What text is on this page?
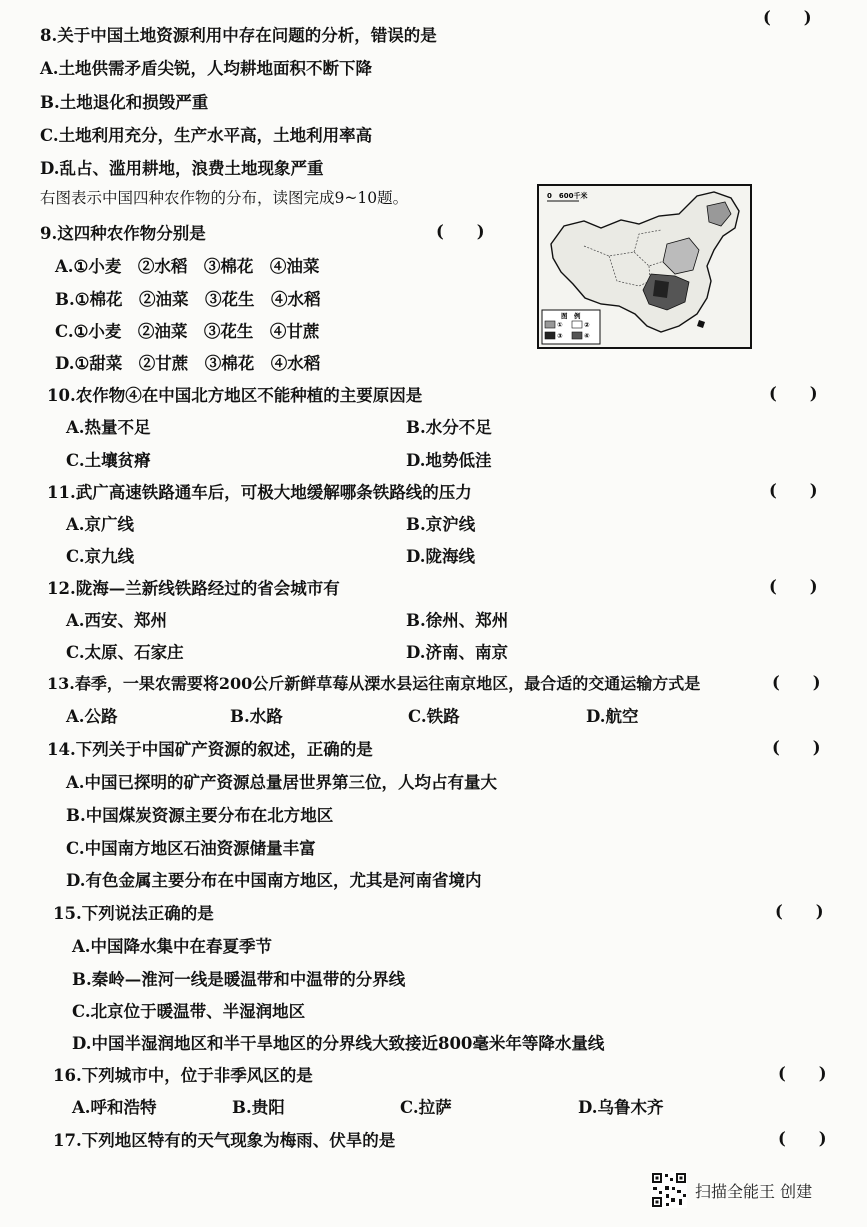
(　　)
8.关于中国土地资源利用中存在问题的分析，错误的是
A.土地供需矛盾尖锐，人均耕地面积不断下降
B.土地退化和损毁严重
C.土地利用充分，生产水平高，土地利用率高
D.乱占、滥用耕地，浪费土地现象严重
右图表示中国四种农作物的分布，读图完成9~10题。	0　600千米
图　例
①	②
③	④
9.这四种农作物分别是	(　　)
A.①小麦　②水稻　③棉花　④油菜
B.①棉花　②油菜　③花生　④水稻
C.①小麦　②油菜　③花生　④甘蔗
D.①甜菜　②甘蔗　③棉花　④水稻
10.农作物④在中国北方地区不能种植的主要原因是	(　　)
A.热量不足	B.水分不足
C.土壤贫瘠	D.地势低洼
11.武广高速铁路通车后，可极大地缓解哪条铁路线的压力	(　　)
A.京广线	B.京沪线
C.京九线	D.陇海线
12.陇海—兰新线铁路经过的省会城市有	(　　)
A.西安、郑州	B.徐州、郑州
C.太原、石家庄	D.济南、南京
13.春季，一果农需要将200公斤新鲜草莓从溧水县运往南京地区，最合适的交通运输方式是	(　　)
A.公路	B.水路	C.铁路	D.航空
14.下列关于中国矿产资源的叙述，正确的是	(　　)
A.中国已探明的矿产资源总量居世界第三位，人均占有量大
B.中国煤炭资源主要分布在北方地区
C.中国南方地区石油资源储量丰富
D.有色金属主要分布在中国南方地区，尤其是河南省境内
15.下列说法正确的是	(　　)
A.中国降水集中在春夏季节
B.秦岭—淮河一线是暖温带和中温带的分界线
C.北京位于暖温带、半湿润地区
D.中国半湿润地区和半干旱地区的分界线大致接近800毫米年等降水量线
16.下列城市中，位于非季风区的是	(　　)
A.呼和浩特	B.贵阳	C.拉萨	D.乌鲁木齐
17.下列地区特有的天气现象为梅雨、伏旱的是	(　　)
扫描全能王 创建
